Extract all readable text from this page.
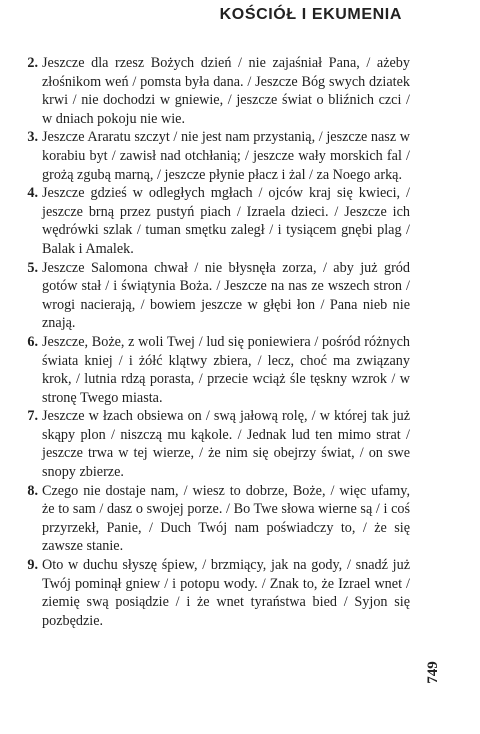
KOŚCIÓŁ I EKUMENIA
2. Jeszcze dla rzesz Bożych dzień / nie zajaśniał Pana, / ażeby złośnikom weń / pomsta była dana. / Jeszcze Bóg swych dziatek krwi / nie dochodzi w gniewie, / jeszcze świat o bliźnich czci / w dniach pokoju nie wie.
3. Jeszcze Araratu szczyt / nie jest nam przystanią, / jeszcze nasz w korabiu byt / zawisł nad otchłanią; / jeszcze wały morskich fal / grożą zgubą marną, / jeszcze płynie płacz i żal / za Noego arką.
4. Jeszcze gdzieś w odległych mgłach / ojców kraj się kwieci, / jeszcze brną przez pustyń piach / Izraela dzieci. / Jeszcze ich wędrówki szlak / tuman smętku zaległ / i tysiącem gnębi plag / Balak i Amalek.
5. Jeszcze Salomona chwał / nie błysnęła zorza, / aby już gród gotów stał / i świątynia Boża. / Jeszcze na nas ze wszech stron / wrogi nacierają, / bowiem jeszcze w głębi łon / Pana nieb nie znają.
6. Jeszcze, Boże, z woli Twej / lud się poniewiera / pośród różnych świata kniej / i żółć klątwy zbiera, / lecz, choć ma związany krok, / lutnia rdzą porasta, / przecie wciąż śle tęskny wzrok / w stronę Twego miasta.
7. Jeszcze w łzach obsiewa on / swą jałową rolę, / w której tak już skąpy plon / niszczą mu kąkole. / Jednak lud ten mimo strat / jeszcze trwa w tej wierze, / że nim się obejrzy świat, / on swe snopy zbierze.
8. Czego nie dostaje nam, / wiesz to dobrze, Boże, / więc ufamy, że to sam / dasz o swojej porze. / Bo Twe słowa wierne są / i coś przyrzekł, Panie, / Duch Twój nam poświadczy to, / że się zawsze stanie.
9. Oto w duchu słyszę śpiew, / brzmiący, jak na gody, / snadź już Twój pominął gniew / i potopu wody. / Znak to, że Izrael wnet / ziemię swą posiądzie / i że wnet tyraństwa bied / Syjon się pozbędzie.
749
